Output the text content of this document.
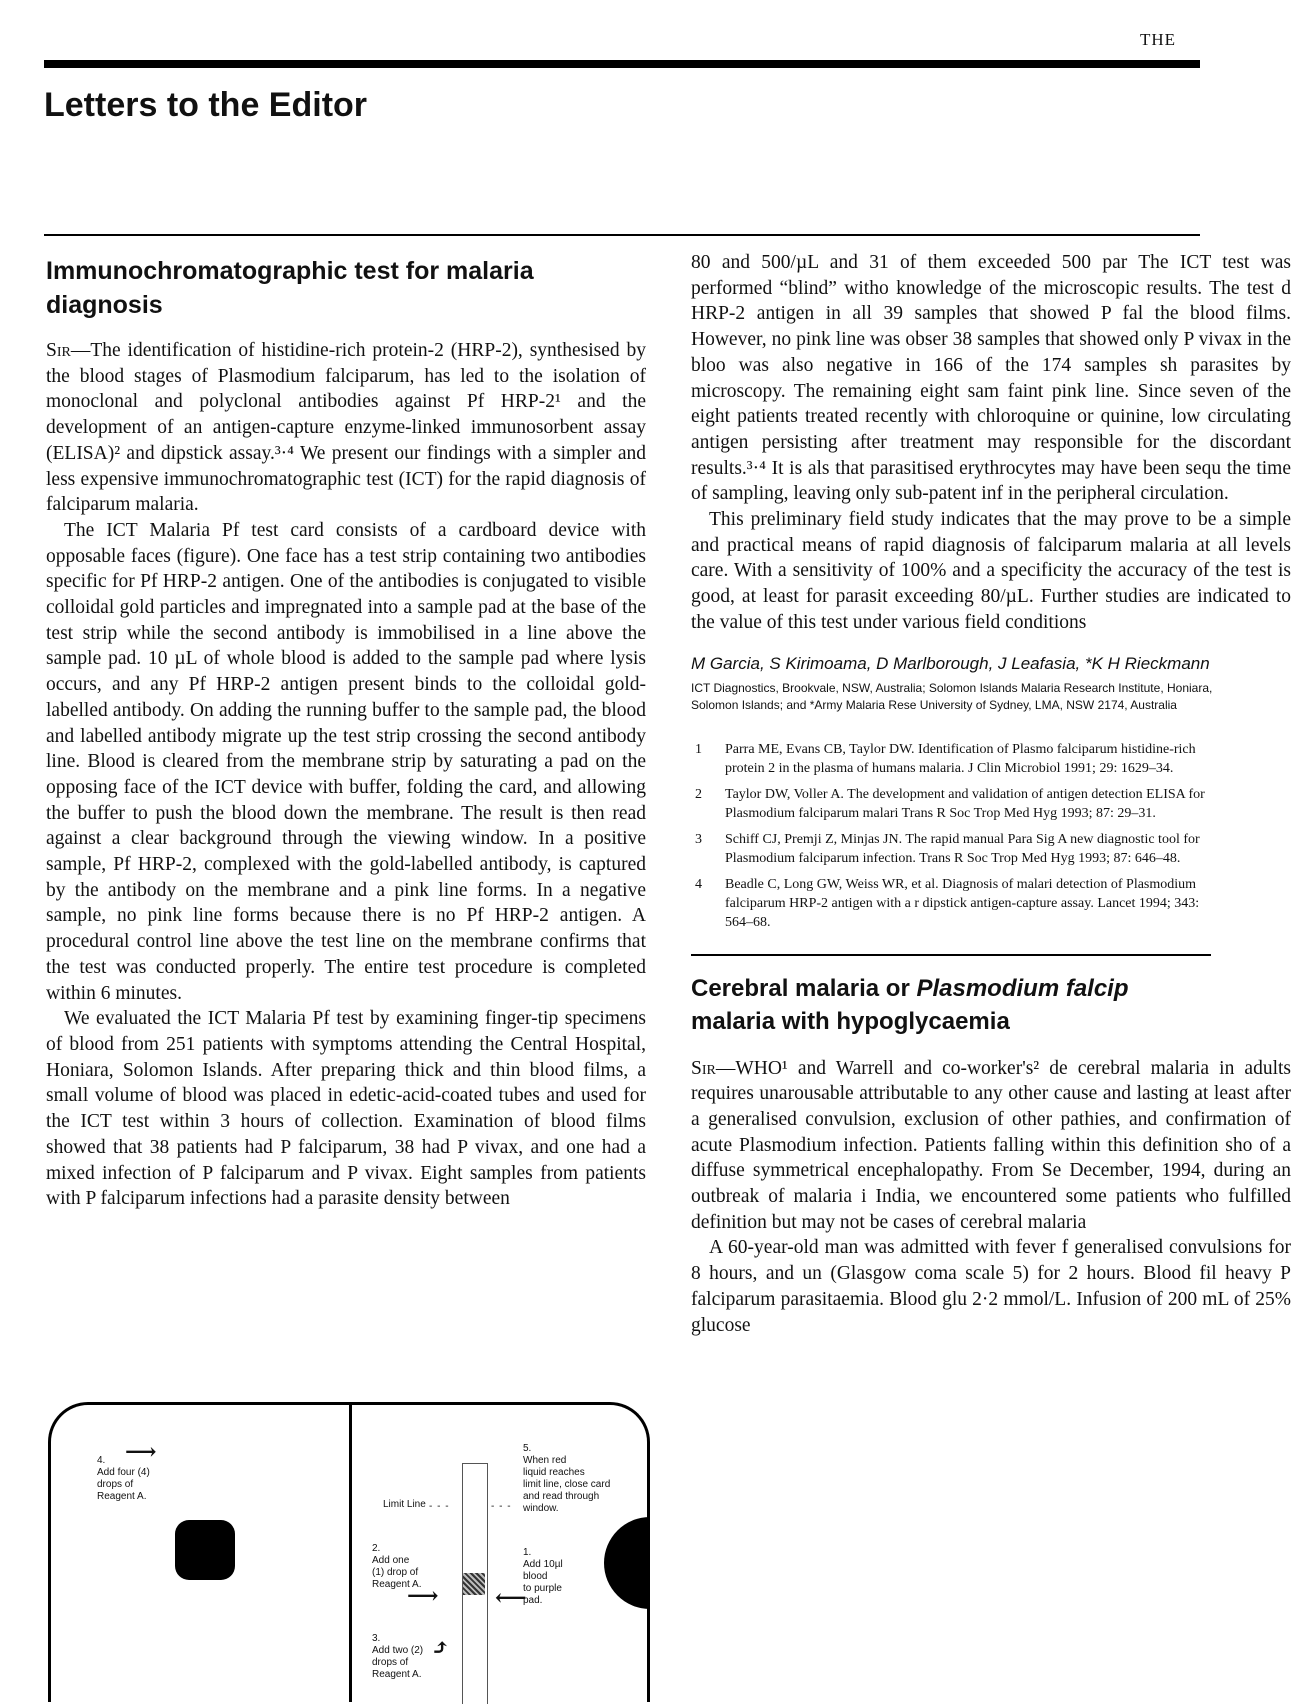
THE
Letters to the Editor
Immunochromatographic test for malaria diagnosis

Sir—The identification of histidine-rich protein-2 (HRP-2), synthesised by the blood stages of Plasmodium falciparum, has led to the isolation of monoclonal and polyclonal antibodies against Pf HRP-2¹ and the development of an antigen-capture enzyme-linked immunosorbent assay (ELISA)² and dipstick assay.³·⁴ We present our findings with a simpler and less expensive immunochromatographic test (ICT) for the rapid diagnosis of falciparum malaria.

The ICT Malaria Pf test card consists of a cardboard device with opposable faces (figure). One face has a test strip containing two antibodies specific for Pf HRP-2 antigen. One of the antibodies is conjugated to visible colloidal gold particles and impregnated into a sample pad at the base of the test strip while the second antibody is immobilised in a line above the sample pad. 10 µL of whole blood is added to the sample pad where lysis occurs, and any Pf HRP-2 antigen present binds to the colloidal gold-labelled antibody. On adding the running buffer to the sample pad, the blood and labelled antibody migrate up the test strip crossing the second antibody line. Blood is cleared from the membrane strip by saturating a pad on the opposing face of the ICT device with buffer, folding the card, and allowing the buffer to push the blood down the membrane. The result is then read against a clear background through the viewing window. In a positive sample, Pf HRP-2, complexed with the gold-labelled antibody, is captured by the antibody on the membrane and a pink line forms. In a negative sample, no pink line forms because there is no Pf HRP-2 antigen. A procedural control line above the test line on the membrane confirms that the test was conducted properly. The entire test procedure is completed within 6 minutes.

We evaluated the ICT Malaria Pf test by examining finger-tip specimens of blood from 251 patients with symptoms attending the Central Hospital, Honiara, Solomon Islands. After preparing thick and thin blood films, a small volume of blood was placed in edetic-acid-coated tubes and used for the ICT test within 3 hours of collection. Examination of blood films showed that 38 patients had P falciparum, 38 had P vivax, and one had a mixed infection of P falciparum and P vivax. Eight samples from patients with P falciparum infections had a parasite density between

80 and 500/µL and 31 of them exceeded 500 par The ICT test was performed “blind” witho knowledge of the microscopic results. The test d HRP-2 antigen in all 39 samples that showed P fal the blood films. However, no pink line was obser 38 samples that showed only P vivax in the bloo was also negative in 166 of the 174 samples sh parasites by microscopy. The remaining eight sam faint pink line. Since seven of the eight patients treated recently with chloroquine or quinine, low circulating antigen persisting after treatment may responsible for the discordant results.³·⁴ It is als that parasitised erythrocytes may have been sequ the time of sampling, leaving only sub-patent inf in the peripheral circulation.

This preliminary field study indicates that the may prove to be a simple and practical means of rapid diagnosis of falciparum malaria at all levels care. With a sensitivity of 100% and a specificity the accuracy of the test is good, at least for parasit exceeding 80/µL. Further studies are indicated to the value of this test under various field conditions

M Garcia, S Kirimoama, D Marlborough, J Leafasia, *K H Rieckmann
ICT Diagnostics, Brookvale, NSW, Australia; Solomon Islands Malaria Research Institute, Honiara, Solomon Islands; and *Army Malaria Rese University of Sydney, LMA, NSW 2174, Australia
1 Parra ME, Evans CB, Taylor DW. Identification of Plasmo falciparum histidine-rich protein 2 in the plasma of humans malaria. J Clin Microbiol 1991; 29: 1629–34.
2 Taylor DW, Voller A. The development and validation of antigen detection ELISA for Plasmodium falciparum malari Trans R Soc Trop Med Hyg 1993; 87: 29–31.
3 Schiff CJ, Premji Z, Minjas JN. The rapid manual Para Sig A new diagnostic tool for Plasmodium falciparum infection. Trans R Soc Trop Med Hyg 1993; 87: 646–48.
4 Beadle C, Long GW, Weiss WR, et al. Diagnosis of malari detection of Plasmodium falciparum HRP-2 antigen with a r dipstick antigen-capture assay. Lancet 1994; 343: 564–68.
Cerebral malaria or Plasmodium falcip
malaria with hypoglycaemia

Sir—WHO¹ and Warrell and co-worker's² de cerebral malaria in adults requires unarousable attributable to any other cause and lasting at least after a generalised convulsion, exclusion of other pathies, and confirmation of acute Plasmodium infection. Patients falling within this definition sho of a diffuse symmetrical encephalopathy. From Se December, 1994, during an outbreak of malaria i India, we encountered some patients who fulfilled definition but may not be cases of cerebral malaria

A 60-year-old man was admitted with fever f generalised convulsions for 8 hours, and un (Glasgow coma scale 5) for 2 hours. Blood fil heavy P falciparum parasitaemia. Blood glu 2·2 mmol/L. Infusion of 200 mL of 25% glucose

4.
Add four (4)
drops of
Reagent A.
⟶
Limit Line - - -	- - -
5.
When red
liquid reaches
limit line, close card
and read through
window.
2.
Add one
(1) drop of
Reagent A.
⟶
1.
Add 10µl
blood
to purple
pad.
⟵
3.
Add two (2)
drops of
Reagent A.
⤴
